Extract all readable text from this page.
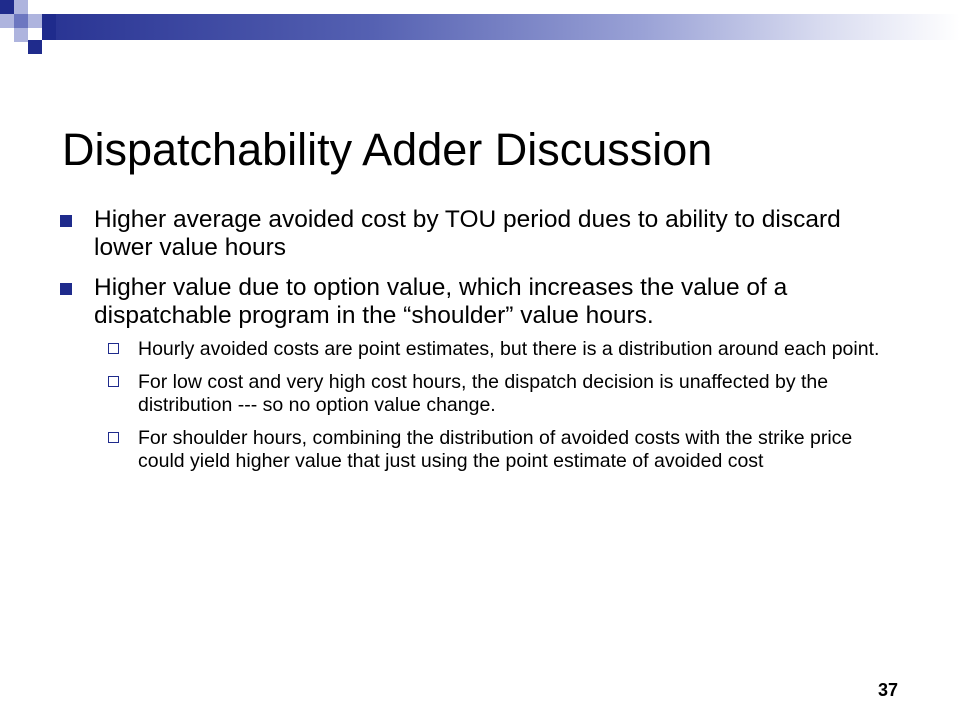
Dispatchability Adder Discussion
Higher average avoided cost by TOU period dues to ability to discard lower value hours
Higher value due to option value, which increases the value of a dispatchable program in the “shoulder” value hours.
Hourly avoided costs are point estimates, but there is a distribution around each point.
For low cost and very high cost hours, the dispatch decision is unaffected by the distribution --- so no option value change.
For shoulder hours, combining the distribution of avoided costs with the strike price could yield higher value that just using the point estimate of avoided cost
37
